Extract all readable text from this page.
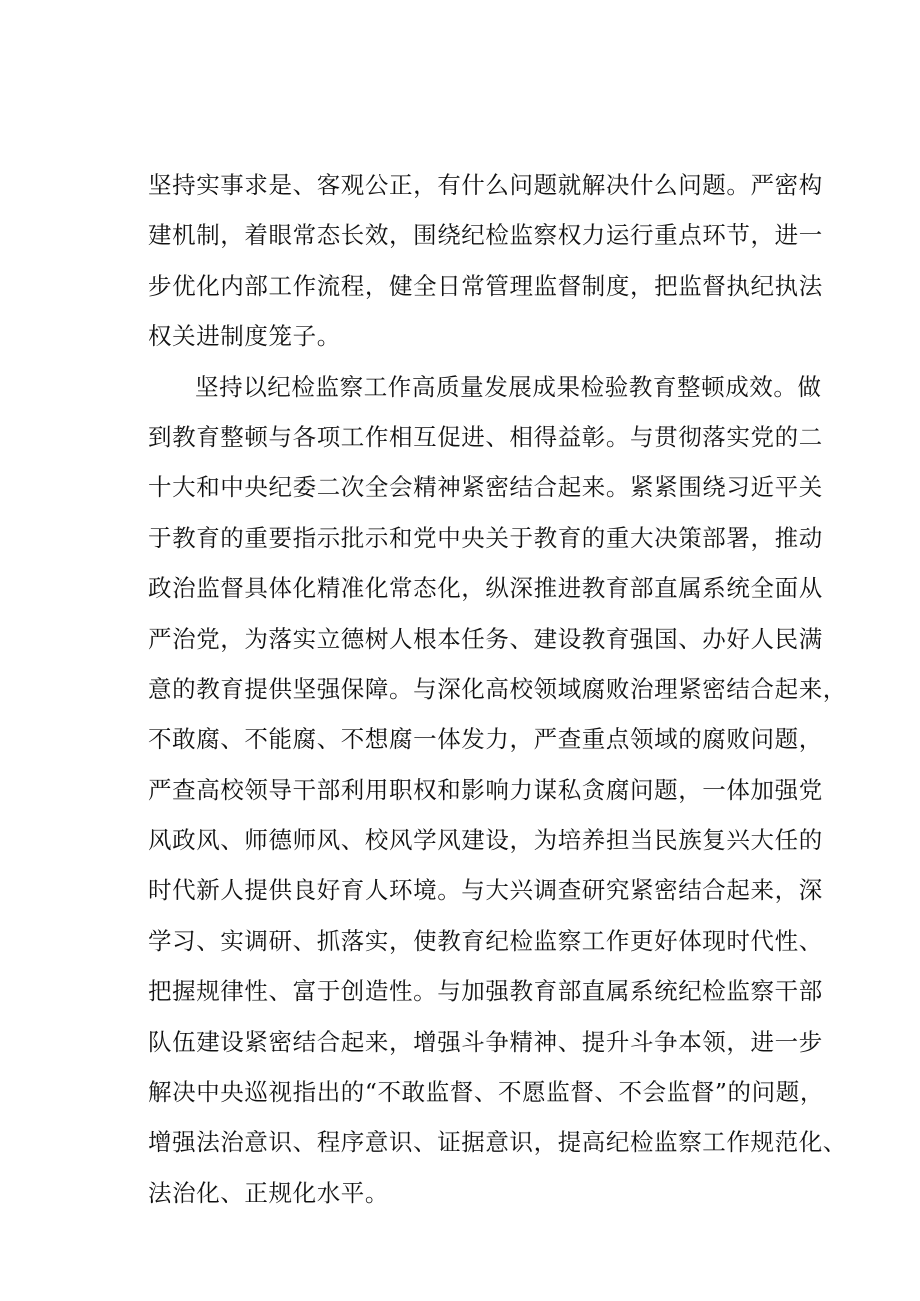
坚持实事求是、客观公正，有什么问题就解决什么问题。严密构
建机制，着眼常态长效，围绕纪检监察权力运行重点环节，进一
步优化内部工作流程，健全日常管理监督制度，把监督执纪执法
权关进制度笼子。
坚持以纪检监察工作高质量发展成果检验教育整顿成效。做
到教育整顿与各项工作相互促进、相得益彰。与贯彻落实党的二
十大和中央纪委二次全会精神紧密结合起来。紧紧围绕习近平关
于教育的重要指示批示和党中央关于教育的重大决策部署，推动
政治监督具体化精准化常态化，纵深推进教育部直属系统全面从
严治党，为落实立德树人根本任务、建设教育强国、办好人民满
意的教育提供坚强保障。与深化高校领域腐败治理紧密结合起来，
不敢腐、不能腐、不想腐一体发力，严查重点领域的腐败问题，
严查高校领导干部利用职权和影响力谋私贪腐问题，一体加强党
风政风、师德师风、校风学风建设，为培养担当民族复兴大任的
时代新人提供良好育人环境。与大兴调查研究紧密结合起来，深
学习、实调研、抓落实，使教育纪检监察工作更好体现时代性、
把握规律性、富于创造性。与加强教育部直属系统纪检监察干部
队伍建设紧密结合起来，增强斗争精神、提升斗争本领，进一步
解决中央巡视指出的“不敢监督、不愿监督、不会监督”的问题，
增强法治意识、程序意识、证据意识，提高纪检监察工作规范化、
法治化、正规化水平。
